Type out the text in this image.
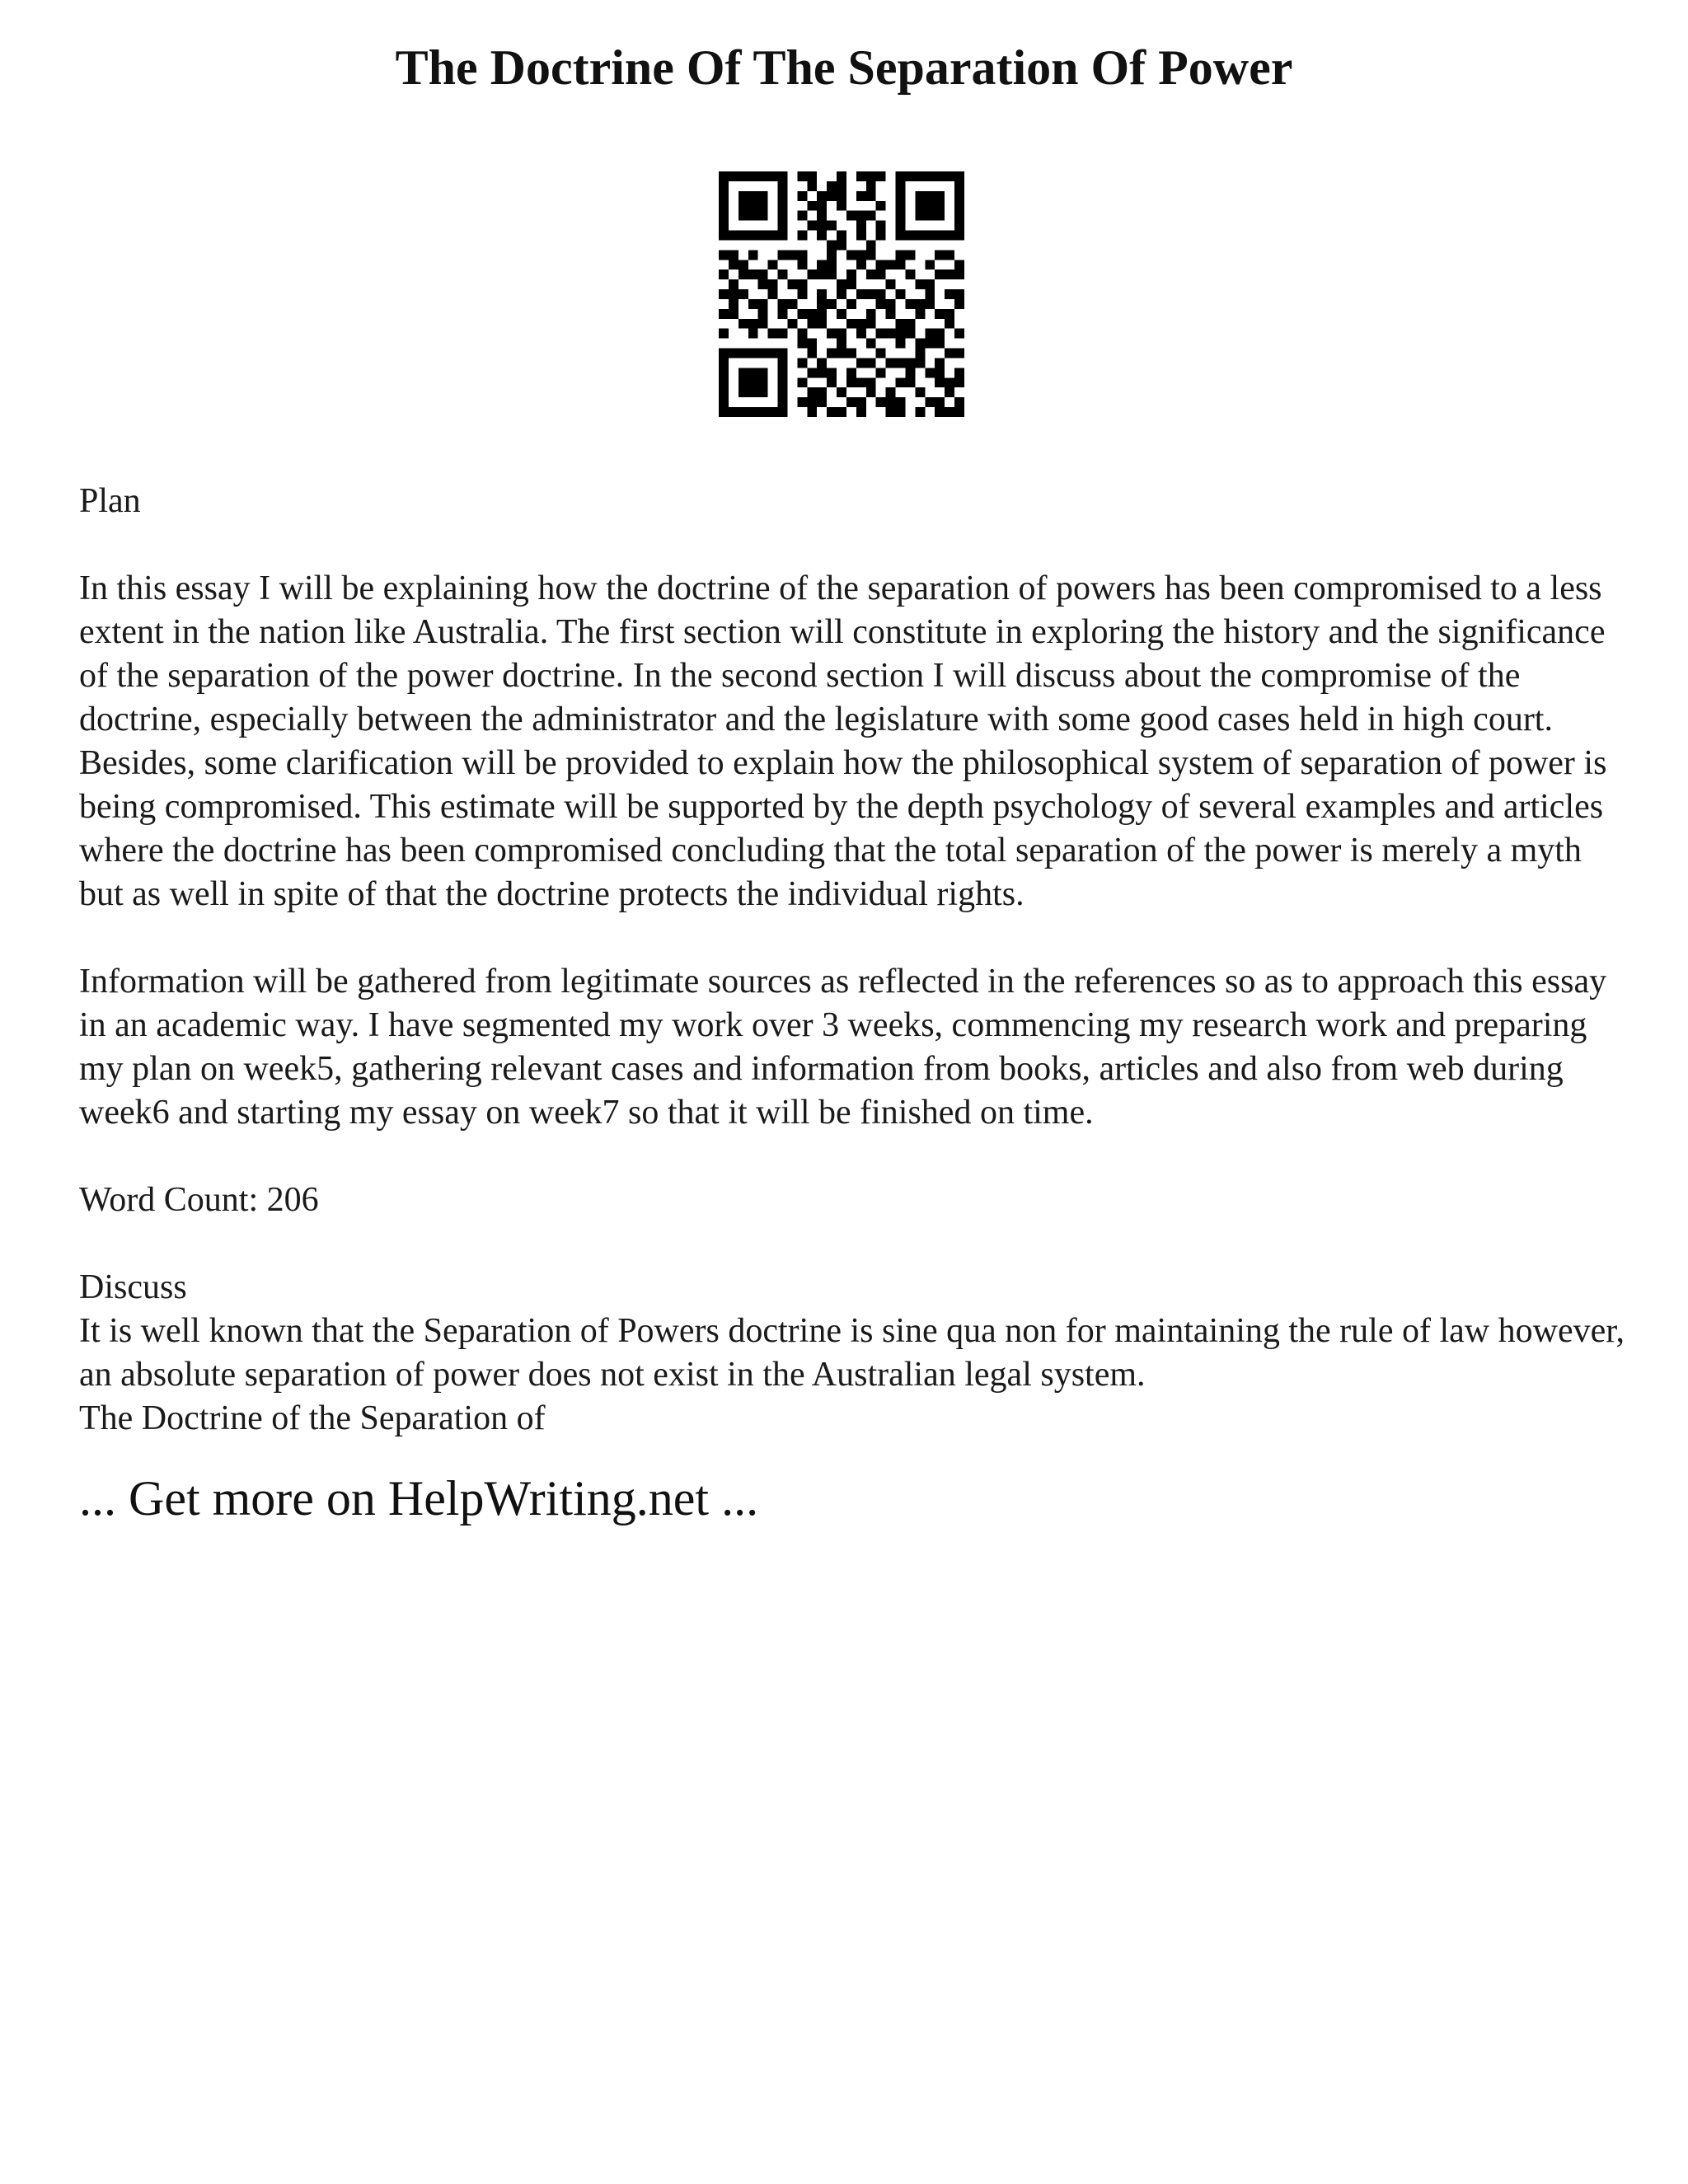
The Doctrine Of The Separation Of Power

Plan

In this essay I will be explaining how the doctrine of the separation of powers has been compromised to a less extent in the nation like Australia. The first section will constitute in exploring the history and the significance of the separation of the power doctrine. In the second section I will discuss about the compromise of the doctrine, especially between the administrator and the legislature with some good cases held in high court. Besides, some clarification will be provided to explain how the philosophical system of separation of power is being compromised. This estimate will be supported by the depth psychology of several examples and articles where the doctrine has been compromised concluding that the total separation of the power is merely a myth but as well in spite of that the doctrine protects the individual rights.

Information will be gathered from legitimate sources as reflected in the references so as to approach this essay in an academic way. I have segmented my work over 3 weeks, commencing my research work and preparing my plan on week5, gathering relevant cases and information from books, articles and also from web during week6 and starting my essay on week7 so that it will be finished on time.

Word Count: 206

Discuss

It is well known that the Separation of Powers doctrine is sine qua non for maintaining the rule of law however, an absolute separation of power does not exist in the Australian legal system.

The Doctrine of the Separation of

... Get more on HelpWriting.net ...
